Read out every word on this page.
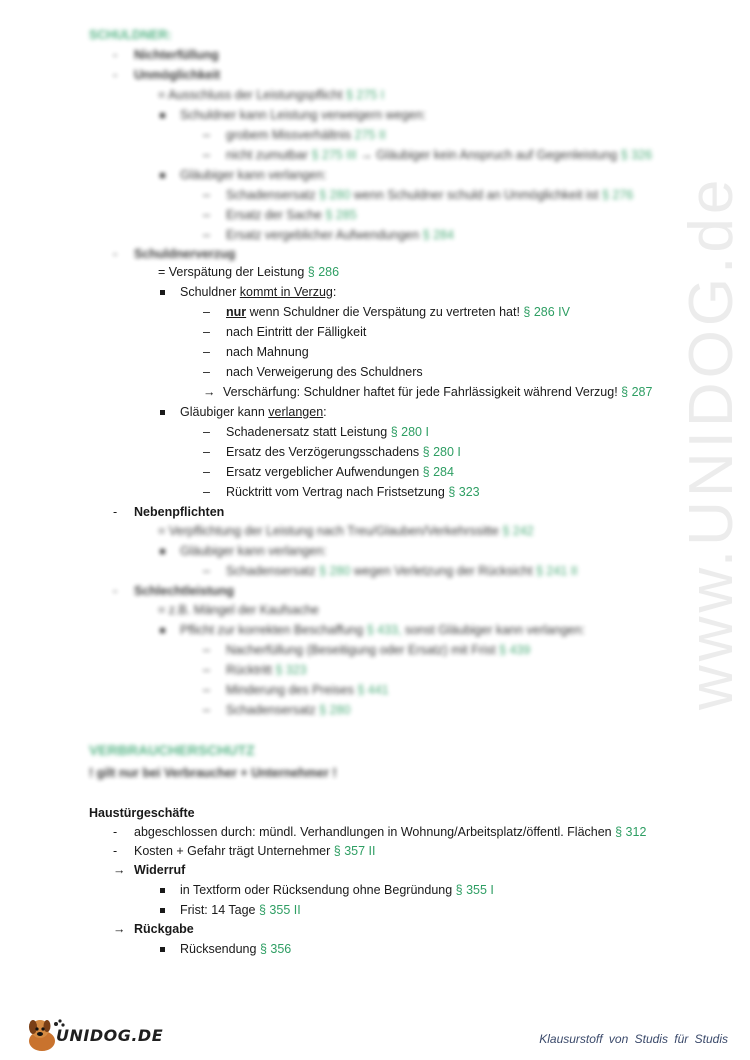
www.UNIDOG.de
SCHULDNER:
- Nichterfüllung
- Unmöglichkeit
= Ausschluss der Leistungspflicht § 275 I
Schuldner kann Leistung verweigern wegen:
– grobem Missverhältnis 275 II
– nicht zumutbar § 275 III → Gläubiger kein Anspruch auf Gegenleistung § 326
Gläubiger kann verlangen:
– Schadensersatz § 280 wenn Schuldner schuld an Unmöglichkeit ist § 276
– Ersatz der Sache § 285
– Ersatz vergeblicher Aufwendungen § 284
- Schuldnerverzug
= Verspätung der Leistung § 286
Schuldner kommt in Verzug:
– nur wenn Schuldner die Verspätung zu vertreten hat! § 286 IV
– nach Eintritt der Fälligkeit
– nach Mahnung
– nach Verweigerung des Schuldners
→ Verschärfung: Schuldner haftet für jede Fahrlässigkeit während Verzug! § 287
Gläubiger kann verlangen:
– Schadenersatz statt Leistung § 280 I
– Ersatz des Verzögerungsschadens § 280 I
– Ersatz vergeblicher Aufwendungen § 284
– Rücktritt vom Vertrag nach Fristsetzung § 323
- Nebenpflichten
= Verpflichtung der Leistung nach Treu/Glauben/Verkehrssitte § 242
Gläubiger kann verlangen:
– Schadensersatz § 280 wegen Verletzung der Rücksicht § 241 II
- Schlechtleistung
= z.B. Mängel der Kaufsache
Pflicht zur korrekten Beschaffung § 433, sonst Gläubiger kann verlangen:
– Nacherfüllung (Beseitigung oder Ersatz) mit Frist § 439
– Rücktritt § 323
– Minderung des Preises § 441
– Schadensersatz § 280
VERBRAUCHERSCHUTZ
! gilt nur bei Verbraucher + Unternehmer !
Haustürgeschäfte
- abgeschlossen durch: mündl. Verhandlungen in Wohnung/Arbeitsplatz/öffentl. Flächen § 312
- Kosten + Gefahr trägt Unternehmer § 357 II
→ Widerruf
in Textform oder Rücksendung ohne Begründung § 355 I
Frist: 14 Tage § 355 II
→ Rückgabe
Rücksendung § 356
UNIDOG.DE	Klausurstoff von Studis für Studis
